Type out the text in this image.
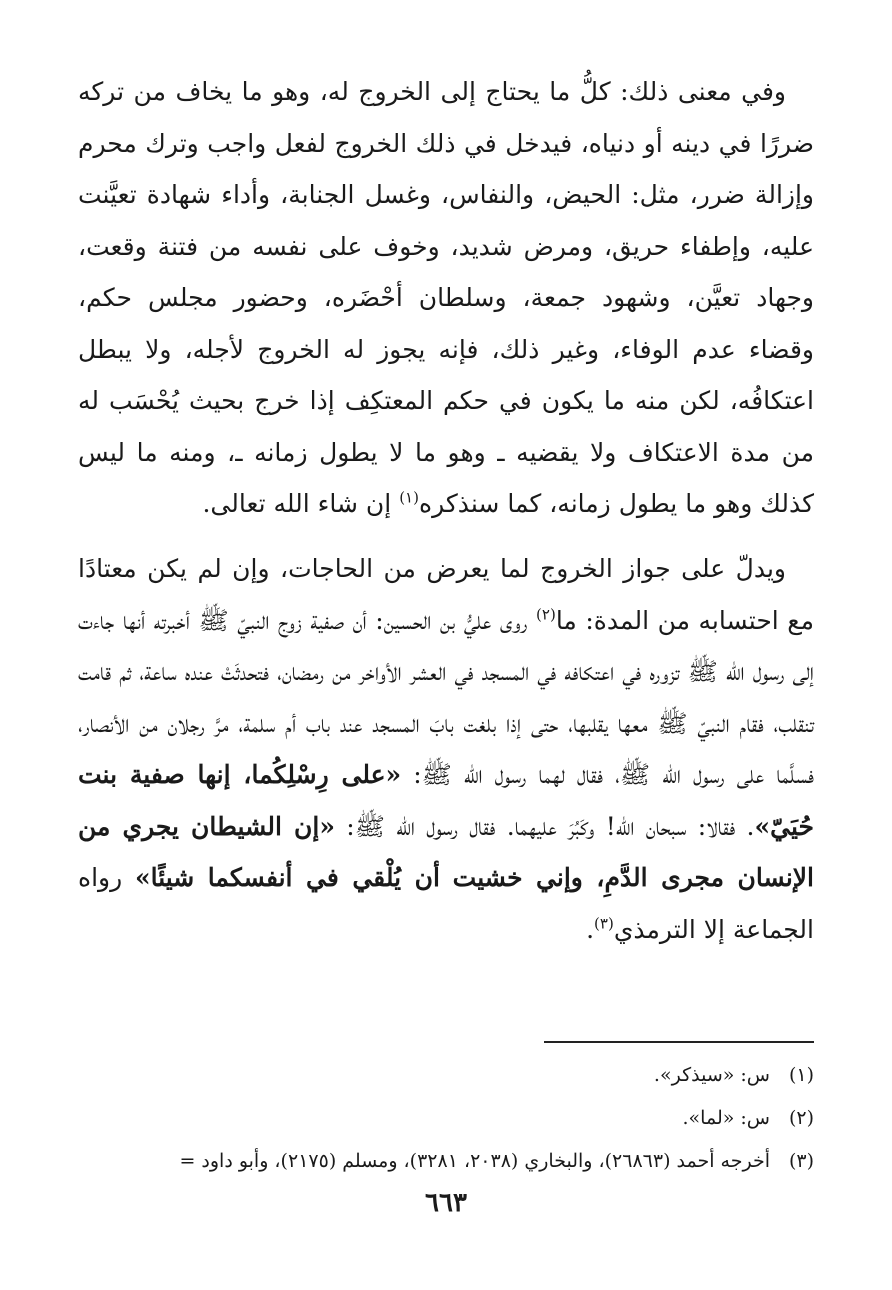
وفي معنى ذلك: كلُّ ما يحتاج إلى الخروج له، وهو ما يخاف من تركه ضررًا في دينه أو دنياه، فيدخل في ذلك الخروج لفعل واجب وترك محرم وإزالة ضرر، مثل: الحيض، والنفاس، وغسل الجنابة، وأداء شهادة تعيَّنت عليه، وإطفاء حريق، ومرض شديد، وخوف على نفسه من فتنة وقعت، وجهاد تعيَّن، وشهود جمعة، وسلطان أحْضَره، وحضور مجلس حكم، وقضاء عدم الوفاء، وغير ذلك، فإنه يجوز له الخروج لأجله، ولا يبطل اعتكافُه، لكن منه ما يكون في حكم المعتكِف إذا خرج بحيث يُحْسَب له من مدة الاعتكاف ولا يقضيه ـ وهو ما لا يطول زمانه ـ، ومنه ما ليس كذلك وهو ما يطول زمانه، كما سنذكره$^{(١)}$ إن شاء الله تعالى.

ويدلّ على جواز الخروج لما يعرض من الحاجات، وإن لم يكن معتادًا مع احتسابه من المدة: ما$^{(٢)}$ روى عليُّ بن الحسين: أن صفية زوج النبيّ ﷺ أخبرته أنها جاءت إلى رسول الله ﷺ تزوره في اعتكافه في المسجد في العشر الأواخر من رمضان، فتحدثَتْ عنده ساعة، ثم قامت تنقلب، فقام النبيّ ﷺ معها يقلبها، حتى إذا بلغت بابَ المسجد عند باب أم سلمة، مرَّ رجلان من الأنصار، فسلَّما على رسول الله ﷺ، فقال لهما رسول الله ﷺ: «على رِسْلِكُما، إنها صفية بنت حُيَيّ». فقالا: سبحان الله! وكَبُرَ عليهما. فقال رسول الله ﷺ: «إن الشيطان يجري من الإنسان مجرى الدَّمِ، وإني خشيت أن يُلْقي في أنفسكما شيئًا» رواه الجماعة إلا الترمذي$^{(٣)}$.

(١)س: «سيذكر».
(٢)س: «لما».
(٣)أخرجه أحمد (٢٦٨٦٣)، والبخاري (٢٠٣٨، ٣٢٨١)، ومسلم (٢١٧٥)، وأبو داود =
٦٦٣
